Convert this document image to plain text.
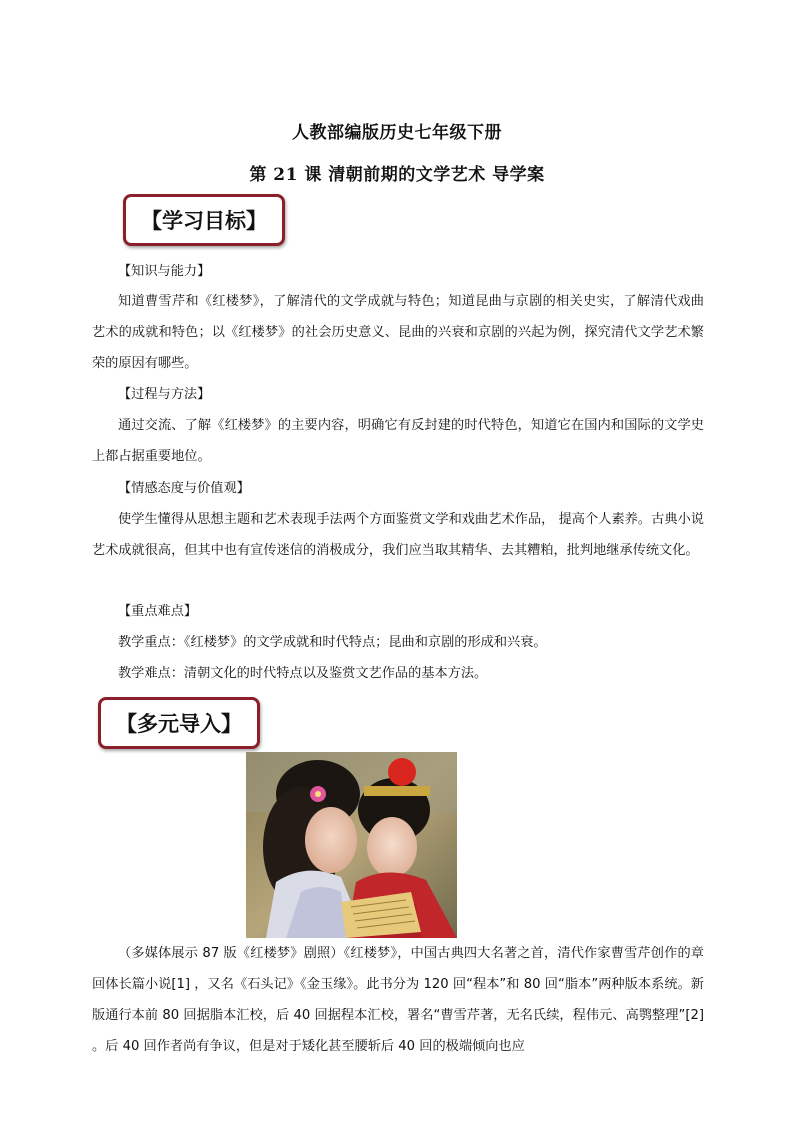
人教部编版历史七年级下册
第 21 课 清朝前期的文学艺术 导学案
【学习目标】
【知识与能力】
知道曹雪芹和《红楼梦》，了解清代的文学成就与特色；知道昆曲与京剧的相关史实，了解清代戏曲艺术的成就和特色；以《红楼梦》的社会历史意义、昆曲的兴衰和京剧的兴起为例，探究清代文学艺术繁荣的原因有哪些。
【过程与方法】
通过交流、了解《红楼梦》的主要内容，明确它有反封建的时代特色，知道它在国内和国际的文学史上都占据重要地位。
【情感态度与价值观】
使学生懂得从思想主题和艺术表现手法两个方面鉴赏文学和戏曲艺术作品， 提高个人素养。古典小说艺术成就很高，但其中也有宣传迷信的消极成分，我们应当取其精华、去其糟粕，批判地继承传统文化。
【重点难点】
教学重点：《红楼梦》的文学成就和时代特点；昆曲和京剧的形成和兴衰。
教学难点：清朝文化的时代特点以及鉴赏文艺作品的基本方法。
【多元导入】
（多媒体展示 87 版《红楼梦》剧照）《红楼梦》，中国古典四大名著之首，清代作家曹雪芹创作的章回体长篇小说[1] ，又名《石头记》《金玉缘》。此书分为 120 回“程本”和 80 回“脂本”两种版本系统。新版通行本前 80 回据脂本汇校，后 40 回据程本汇校，署名“曹雪芹著，无名氏续，程伟元、高鹗整理”[2] 。后 40 回作者尚有争议，但是对于矮化甚至腰斩后 40 回的极端倾向也应
